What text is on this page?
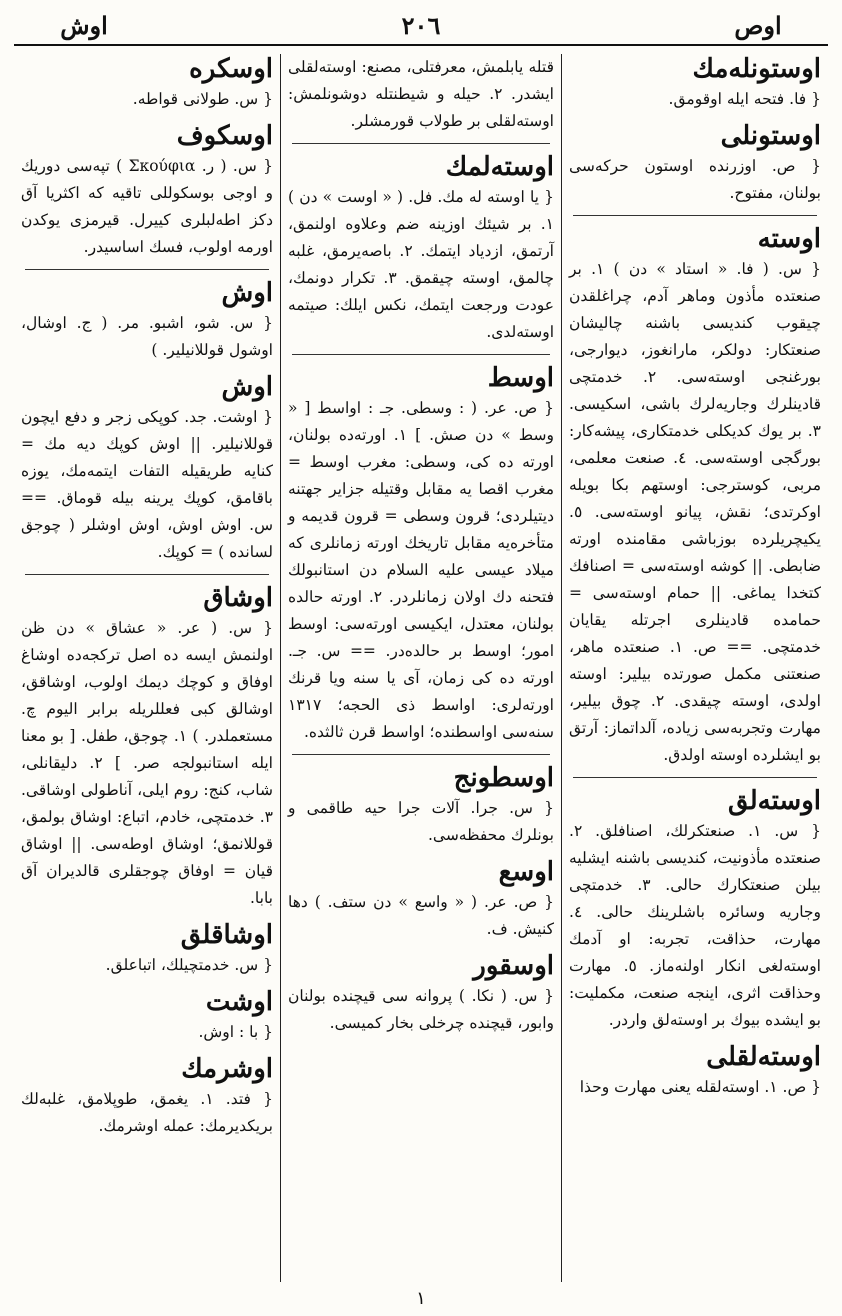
اوش	٢٠٦	اوص
اوستونله‌مك
{ فا. فتحه ايله اوقومق.
اوستونلى
{ ص. اوزرنده اوستون حركه‌سى بولنان، مفتوح.
اوسته
{ س. ( فا. « استاد » دن ) ١. بر صنعتده مأذون وماهر آدم، چراغلقدن چيقوب كنديسى باشنه چاليشان صنعتكار: دولكر، مارانغوز، ديوارجى، بورغنجى اوسته‌سى. ٢. خدمتچى قادينلرك وجاريه‌لرك باشى، اسكيسى. ٣. بر يوك كديكلى خدمتكارى، پيشه‌كار: بورگجى اوسته‌سى. ٤. صنعت معلمى، مربى، كوسترجى: اوستهم بكا بويله اوكرتدى؛ نقش، پيانو اوسته‌سى. ٥. يكيچريلرده بوزباشى مقامنده اورته ضابطى. || كوشه اوسته‌سى = اصنافك كتخدا يماغى. || حمام اوسته‌سى = حمامده قادينلرى اجرتله يقايان خدمتچى. == ص. ١. صنعتده ماهر، صنعتنى مكمل صورتده بيلير: اوسته اولدى، اوسته چيقدى. ٢. چوق بيلير، مهارت وتجربه‌سى زياده، آلداتماز: آرتق بو ايشلرده اوسته اولدق.
اوسته‌لق
{ س. ١. صنعتكرلك، اصنافلق. ٢. صنعتده مأذونيت، كنديسى باشنه ايشليه بيلن صنعتكارك حالى. ٣. خدمتچى وجاريه وسائره باشلرينك حالى. ٤. مهارت، حذاقت، تجربه: او آدمك اوسته‌لغى انكار اولنه‌ماز. ٥. مهارت وحذاقت اثرى، اينجه صنعت، مكمليت: بو ايشده بيوك بر اوسته‌لق واردر.
اوسته‌لقلى
{ ص. ١. اوسته‌لقله يعنى مهارت وحذا
قتله يابلمش، معرفتلى، مصنع: اوسته‌لقلى ايشدر. ٢. حيله و شيطنتله دوشونلمش: اوسته‌لقلى بر طولاب قورمشلر.
اوسته‌لمك
{ يا اوسته له مك. فل. ( « اوست » دن ) ١. بر شيئك اوزينه ضم وعلاوه اولنمق، آرتمق، ازدياد ايتمك. ٢. باصه‌يرمق، غلبه چالمق، اوسته چيقمق. ٣. تكرار دونمك، عودت ورجعت ايتمك، نكس ايلك: صيتمه اوسته‌لدى.
اوسط
{ ص. عر. ( : وسطى. جـ : اواسط [ « وسط » دن صش. ] ١. اورته‌ده بولنان، اورته ده كى، وسطى: مغرب اوسط = مغرب اقصا يه مقابل وقتيله جزاير جهتنه ديتيلردى؛ قرون وسطى = قرون قديمه و متأخره‌يه مقابل تاريخك اورته زمانلرى كه ميلاد عيسى عليه السلام دن استانبولك فتحنه دك اولان زمانلردر. ٢. اورته حالده بولنان، معتدل، ايكيسى اورته‌سى: اوسط امور؛ اوسط بر حالده‌در. == س. جـ. اورته ده كى زمان، آى يا سنه ويا قرنك اورته‌لرى: اواسط ذى الحجه؛ ١٣١٧ سنه‌سى اواسطنده؛ اواسط قرن ثالثده.
اوسطونج
{ س. جرا. آلات جرا حيه طاقمى و بونلرك محفظه‌سى.
اوسع
{ ص. عر. ( « واسع » دن ستف. ) دها كنيش. ف.
اوسقور
{ س. ( نكا. ) پروانه سى قيچنده بولنان وابور، قيچنده چرخلى بخار كميسى.
اوسكره
{ س. طولانى قواطه.
اوسكوف
{ س. ( ر. Σκούφια ) تپه‌سى دوريك و اوجى بوسكوللى تاقيه كه اكثريا آق دكز اطه‌لبلرى كييرل. قيرمزى يوكدن اورمه اولوب، فسك اساسيدر.
اوش
{ س. شو، اشبو. مر. ( ج. اوشال، اوشول قوللانيلير. )
اوش
{ اوشت. جد. كوپكى زجر و دفع ايچون قوللانيلير. || اوش كوپك ديه مك = كنايه طريقيله التفات ايتمه‌مك، يوزه باقامق، كوپك يرينه بيله قوماق. == س. اوش اوش، اوش اوشلر ( چوجق لسانده ) = كوپك.
اوشاق
{ س. ( عر. « عشاق » دن ظن اولنمش ايسه ده اصل تركجه‌ده اوشاغ اوفاق و كوچك ديمك اولوب، اوشاقق، اوشالق كبى فعللريله برابر اليوم چ. مستعملدر. ) ١. چوجق، طفل. [ بو معنا ايله استانبولجه صر. ] ٢. دليقانلى، شاب، كنج: روم ايلى، آناطولى اوشاقى. ٣. خدمتچى، خادم، اتباع: اوشاق بولمق، قوللانمق؛ اوشاق اوطه‌سى. || اوشاق قيان = اوفاق چوجقلرى قالديران آق بابا.
اوشاقلق
{ س. خدمتچيلك، اتباعلق.
اوشت
{ با : اوش.
اوشرمك
{ فتد. ١. يغمق، طوپلامق، غلبه‌لك بريكديرمك: عمله اوشرمك.
١
